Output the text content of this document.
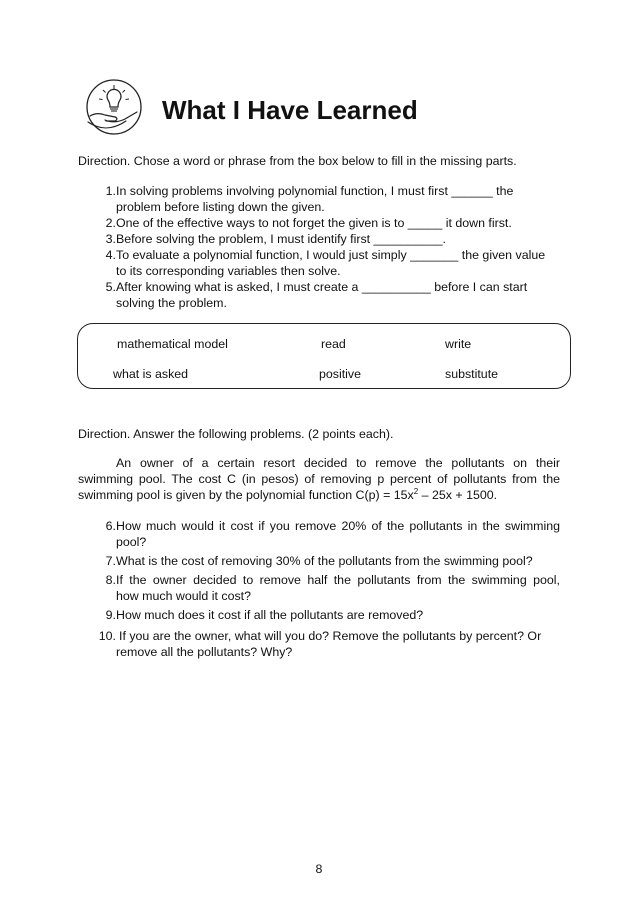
What I Have Learned
Direction. Chose a word or phrase from the box below to fill in the missing parts.
1. In solving problems involving polynomial function, I must first ______ the
problem before listing down the given.
2. One of the effective ways to not forget the given is to _____ it down first.
3. Before solving the problem, I must identify first __________.
4. To evaluate a polynomial function, I would just simply _______ the given value
to its corresponding variables then solve.
5. After knowing what is asked, I must create a __________ before I can start
solving the problem.
mathematical model	read	write
what is asked	positive	substitute
Direction. Answer the following problems. (2 points each).
An owner of a certain resort decided to remove the pollutants on their
swimming pool. The cost C (in pesos) of removing p percent of pollutants from the
swimming pool is given by the polynomial function $C(p) = 15x^2 - 25x + 1500$.
6. How much would it cost if you remove 20% of the pollutants in the swimming
pool?
7. What is the cost of removing 30% of the pollutants from the swimming pool?
8. If the owner decided to remove half the pollutants from the swimming pool,
how much would it cost?
9. How much does it cost if all the pollutants are removed?
10. If you are the owner, what will you do? Remove the pollutants by percent? Or
remove all the pollutants? Why?
8
